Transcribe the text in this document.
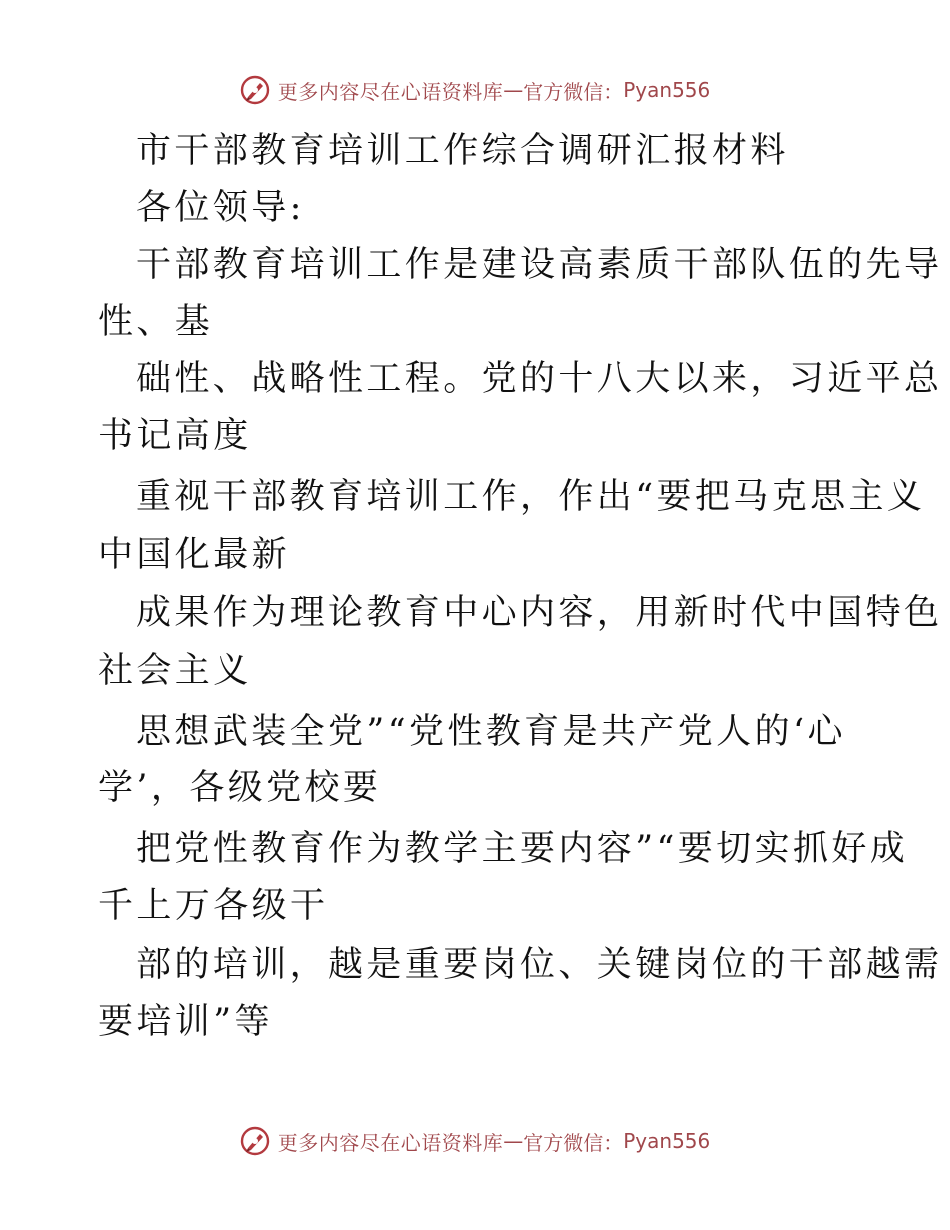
更多内容尽在心语资料库 — 官方微信： Pyan556
市干部教育培训工作综合调研汇报材料
各位领导:
干部教育培训工作是建设高素质干部队伍的先导
性、基
础性、战略性工程。党的十八大以来，习近平总
书记高度
重视干部教育培训工作，作出“要把马克思主义
中国化最新
成果作为理论教育中心内容，用新时代中国特色
社会主义
思想武装全党”“党性教育是共产党人的‘心
学’，各级党校要
把党性教育作为教学主要内容”“要切实抓好成
千上万各级干
部的培训，越是重要岗位、关键岗位的干部越需
要培训”等
更多内容尽在心语资料库 — 官方微信： Pyan556
